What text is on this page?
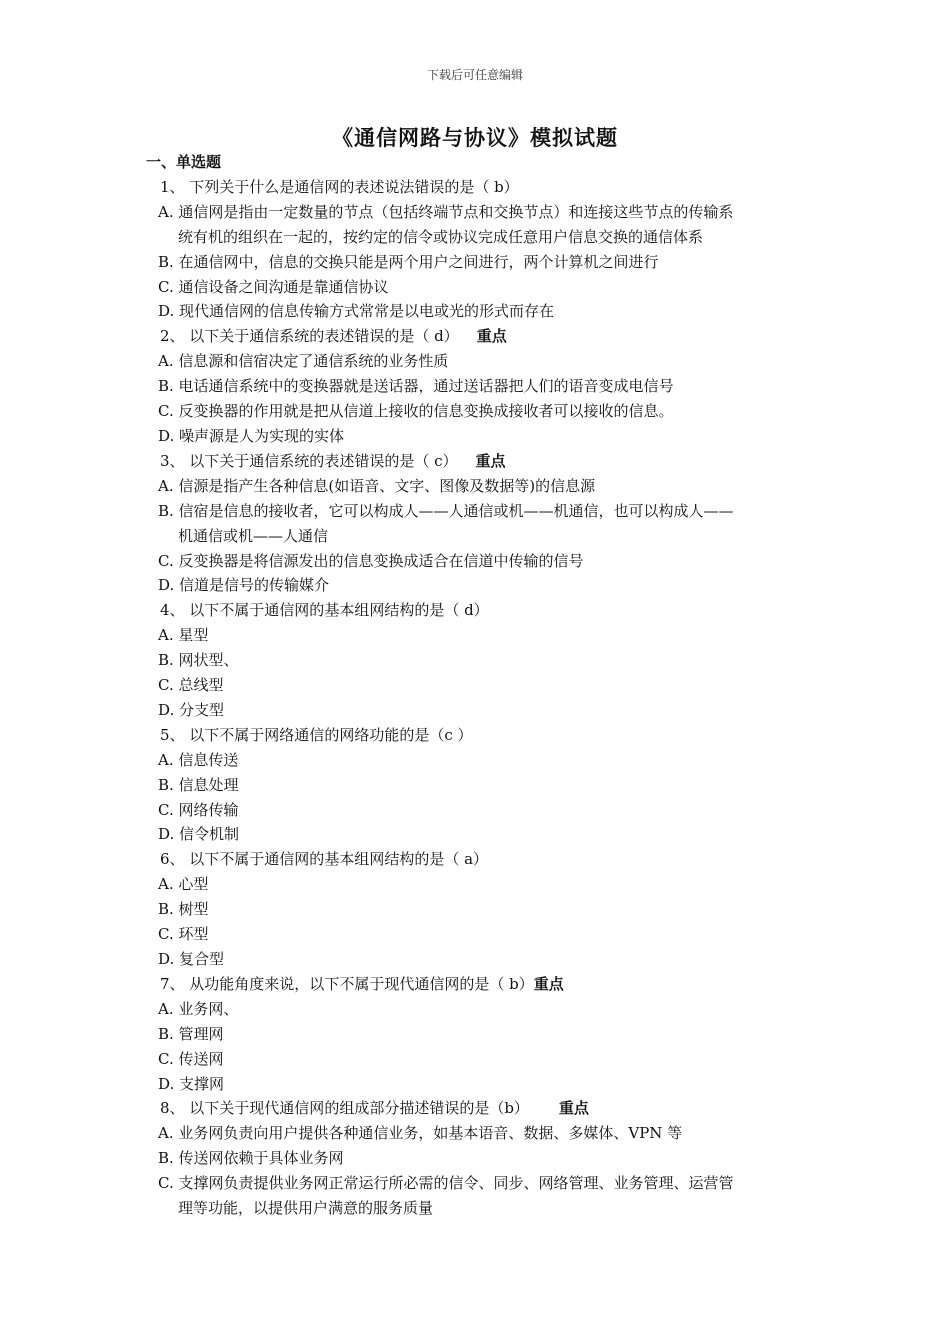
下载后可任意编辑
《通信网路与协议》模拟试题
一、单选题
1、 下列关于什么是通信网的表述说法错误的是（ b）
A. 通信网是指由一定数量的节点（包括终端节点和交换节点）和连接这些节点的传输系
统有机的组织在一起的，按约定的信令或协议完成任意用户信息交换的通信体系
B. 在通信网中，信息的交换只能是两个用户之间进行，两个计算机之间进行
C. 通信设备之间沟通是靠通信协议
D. 现代通信网的信息传输方式常常是以电或光的形式而存在
2、 以下关于通信系统的表述错误的是（ d） 重点
A. 信息源和信宿决定了通信系统的业务性质
B. 电话通信系统中的变换器就是送话器，通过送话器把人们的语音变成电信号
C. 反变换器的作用就是把从信道上接收的信息变换成接收者可以接收的信息。
D. 噪声源是人为实现的实体
3、 以下关于通信系统的表述错误的是（ c） 重点
A. 信源是指产生各种信息(如语音、文字、图像及数据等)的信息源
B. 信宿是信息的接收者，它可以构成人——人通信或机——机通信，也可以构成人——
机通信或机——人通信
C. 反变换器是将信源发出的信息变换成适合在信道中传输的信号
D. 信道是信号的传输媒介
4、 以下不属于通信网的基本组网结构的是（ d）
A. 星型
B. 网状型、
C. 总线型
D. 分支型
5、 以下不属于网络通信的网络功能的是（c ）
A. 信息传送
B. 信息处理
C. 网络传输
D. 信令机制
6、 以下不属于通信网的基本组网结构的是（ a）
A. 心型
B. 树型
C. 环型
D. 复合型
7、 从功能角度来说，以下不属于现代通信网的是（ b）重点
A. 业务网、
B. 管理网
C. 传送网
D. 支撑网
8、 以下关于现代通信网的组成部分描述错误的是（b） 重点
A. 业务网负责向用户提供各种通信业务，如基本语音、数据、多媒体、VPN 等
B. 传送网依赖于具体业务网
C. 支撑网负责提供业务网正常运行所必需的信令、同步、网络管理、业务管理、运营管
理等功能，以提供用户满意的服务质量
